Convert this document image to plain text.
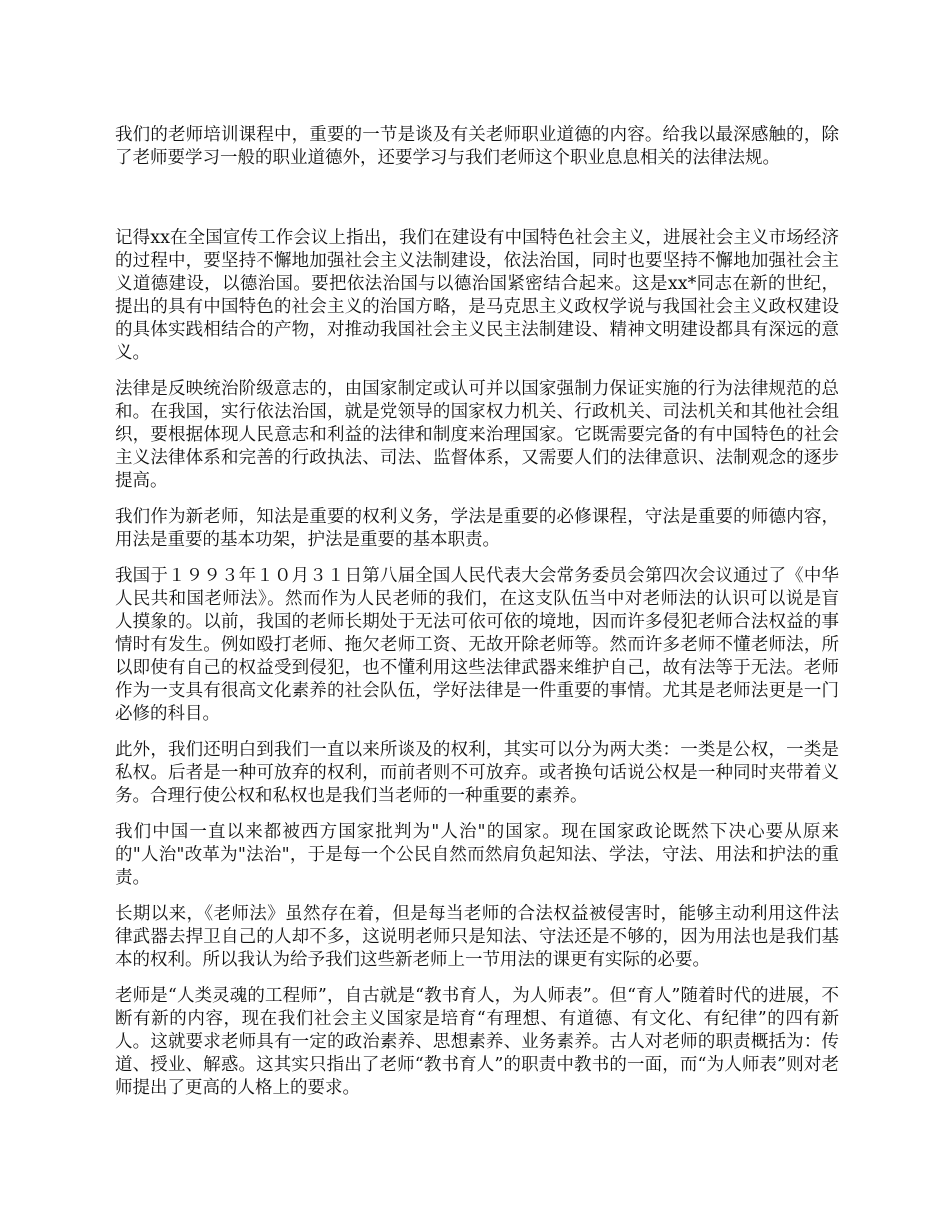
我们的老师培训课程中，重要的一节是谈及有关老师职业道德的内容。给我以最深感触的，除了老师要学习一般的职业道德外，还要学习与我们老师这个职业息息相关的法律法规。

记得xx在全国宣传工作会议上指出，我们在建设有中国特色社会主义，进展社会主义市场经济的过程中，要坚持不懈地加强社会主义法制建设，依法治国，同时也要坚持不懈地加强社会主义道德建设，以德治国。要把依法治国与以德治国紧密结合起来。这是xx*同志在新的世纪，提出的具有中国特色的社会主义的治国方略，是马克思主义政权学说与我国社会主义政权建设的具体实践相结合的产物，对推动我国社会主义民主法制建设、精神文明建设都具有深远的意义。

法律是反映统治阶级意志的，由国家制定或认可并以国家强制力保证实施的行为法律规范的总和。在我国，实行依法治国，就是党领导的国家权力机关、行政机关、司法机关和其他社会组织，要根据体现人民意志和利益的法律和制度来治理国家。它既需要完备的有中国特色的社会主义法律体系和完善的行政执法、司法、监督体系，又需要人们的法律意识、法制观念的逐步提高。

我们作为新老师，知法是重要的权利义务，学法是重要的必修课程，守法是重要的师德内容，用法是重要的基本功架，护法是重要的基本职责。

我国于１９９３年１０月３１日第八届全国人民代表大会常务委员会第四次会议通过了《中华人民共和国老师法》。然而作为人民老师的我们，在这支队伍当中对老师法的认识可以说是盲人摸象的。以前，我国的老师长期处于无法可依可依的境地，因而许多侵犯老师合法权益的事情时有发生。例如殴打老师、拖欠老师工资、无故开除老师等。然而许多老师不懂老师法，所以即使有自己的权益受到侵犯，也不懂利用这些法律武器来维护自己，故有法等于无法。老师作为一支具有很高文化素养的社会队伍，学好法律是一件重要的事情。尤其是老师法更是一门必修的科目。

此外，我们还明白到我们一直以来所谈及的权利，其实可以分为两大类：一类是公权，一类是私权。后者是一种可放弃的权利，而前者则不可放弃。或者换句话说公权是一种同时夹带着义务。合理行使公权和私权也是我们当老师的一种重要的素养。

我们中国一直以来都被西方国家批判为"人治"的国家。现在国家政论既然下决心要从原来的"人治"改革为"法治"，于是每一个公民自然而然肩负起知法、学法，守法、用法和护法的重责。

长期以来，《老师法》虽然存在着，但是每当老师的合法权益被侵害时，能够主动利用这件法律武器去捍卫自己的人却不多，这说明老师只是知法、守法还是不够的，因为用法也是我们基本的权利。所以我认为给予我们这些新老师上一节用法的课更有实际的必要。

老师是“人类灵魂的工程师”，自古就是“教书育人，为人师表”。但“育人”随着时代的进展，不断有新的内容，现在我们社会主义国家是培育“有理想、有道德、有文化、有纪律”的四有新人。这就要求老师具有一定的政治素养、思想素养、业务素养。古人对老师的职责概括为：传道、授业、解惑。这其实只指出了老师“教书育人”的职责中教书的一面，而“为人师表”则对老师提出了更高的人格上的要求。
